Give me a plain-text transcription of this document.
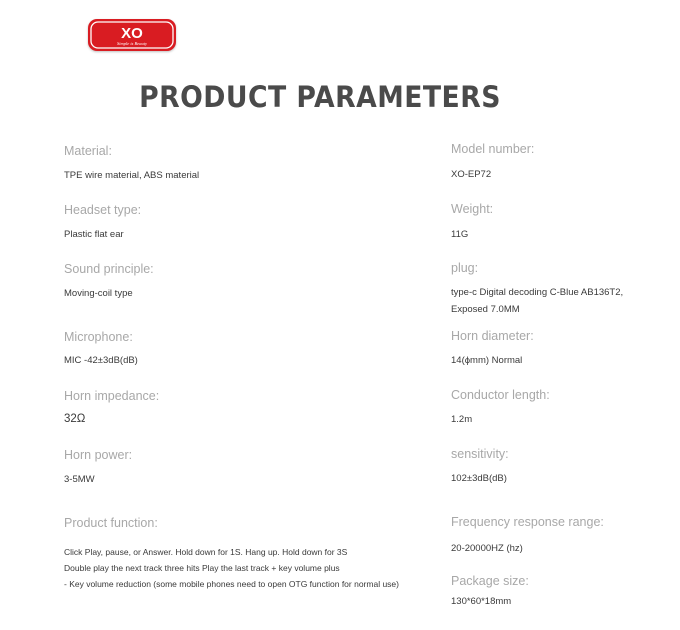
XO
Simple is Beauty
PRODUCT PARAMETERS
Material:
TPE wire material, ABS material
Headset type:
Plastic flat ear
Sound principle:
Moving-coil type
Microphone:
MIC -42±3dB(dB)
Horn impedance:
32Ω
Horn power:
3-5MW
Product function:
Click Play, pause, or Answer. Hold down for 1S. Hang up. Hold down for 3S
Double play the next track three hits Play the last track + key volume plus
- Key volume reduction (some mobile phones need to open OTG function for normal use)
Model number:
XO-EP72
Weight:
11G
plug:
type-c Digital decoding C-Blue AB136T2,
Exposed 7.0MM
Horn diameter:
14(ϕmm) Normal
Conductor length:
1.2m
sensitivity:
102±3dB(dB)
Frequency response range:
20-20000HZ (hz)
Package size:
130*60*18mm
